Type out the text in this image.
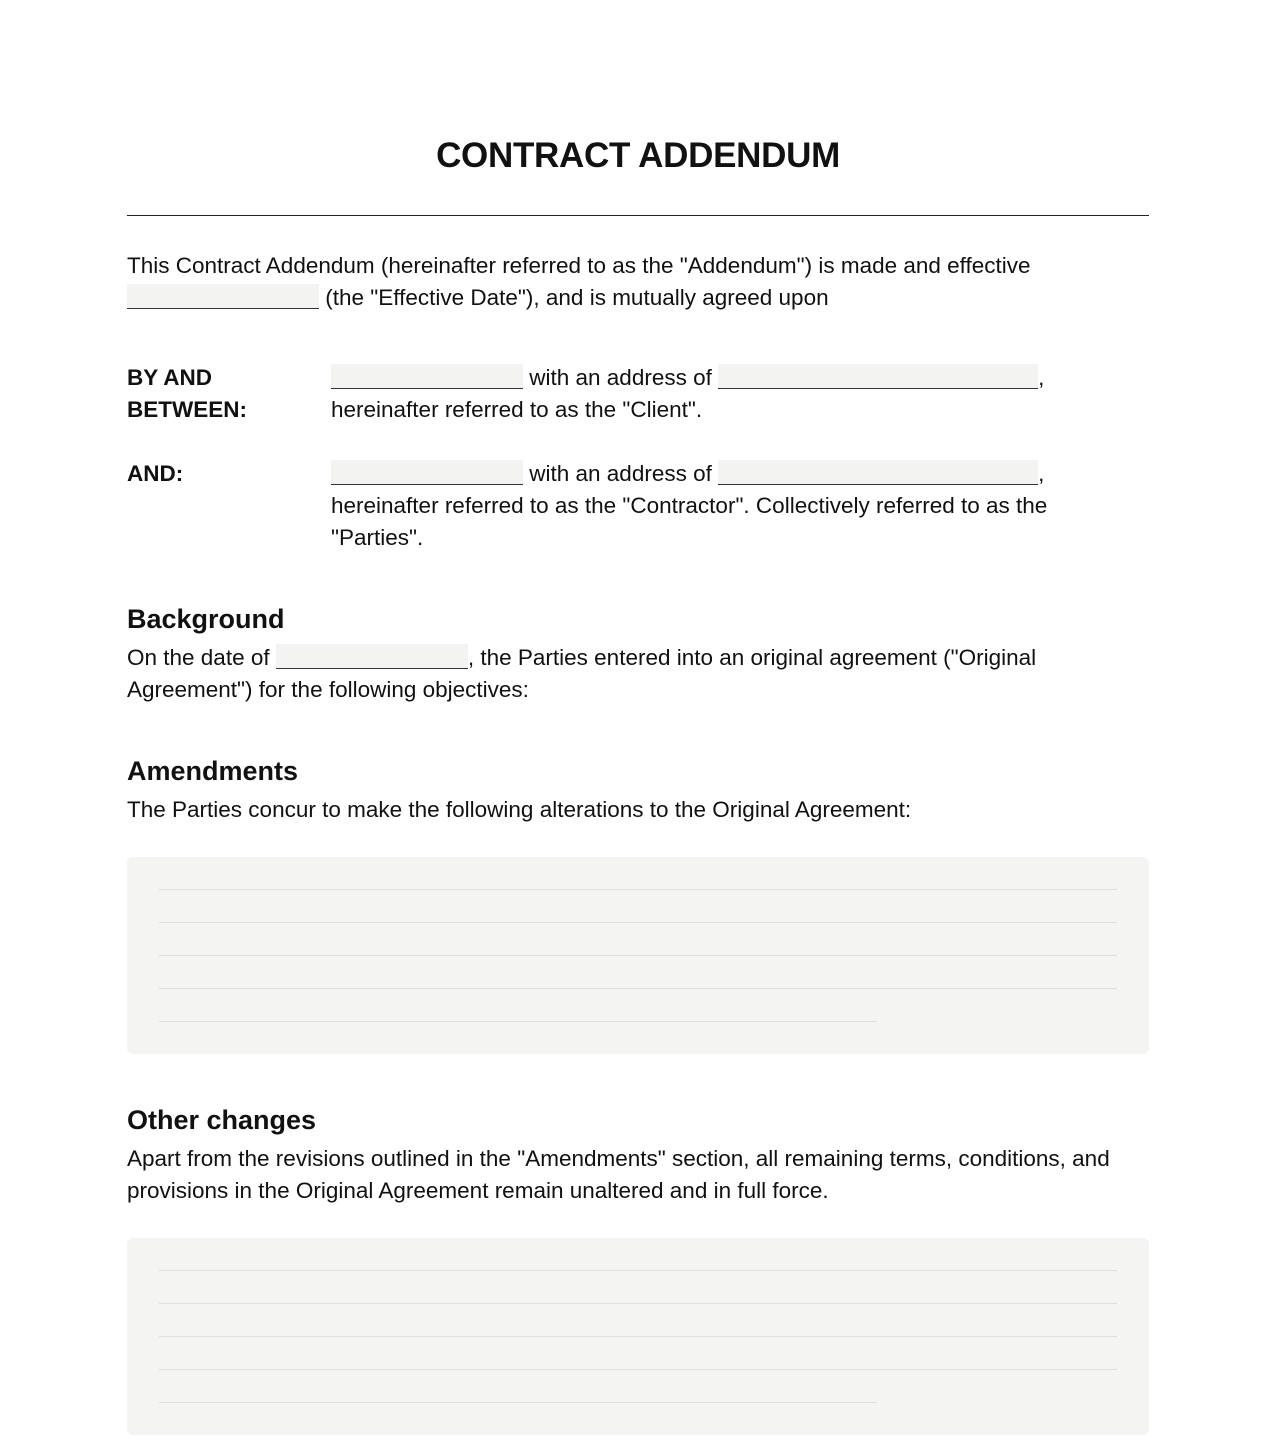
CONTRACT ADDENDUM

This Contract Addendum (hereinafter referred to as the "Addendum") is made and effective
(the "Effective Date"), and is mutually agreed upon

BY AND BETWEEN:

with an address of	,
hereinafter referred to as the "Client".

AND:	with an address of	,
hereinafter referred to as the "Contractor". Collectively referred to as the "Parties".

Background

On the date of	, the Parties entered into an original agreement ("Original Agreement") for the following objectives:

Amendments

The Parties concur to make the following alterations to the Original Agreement:

Other changes

Apart from the revisions outlined in the "Amendments" section, all remaining terms, conditions, and provisions in the Original Agreement remain unaltered and in full force.
